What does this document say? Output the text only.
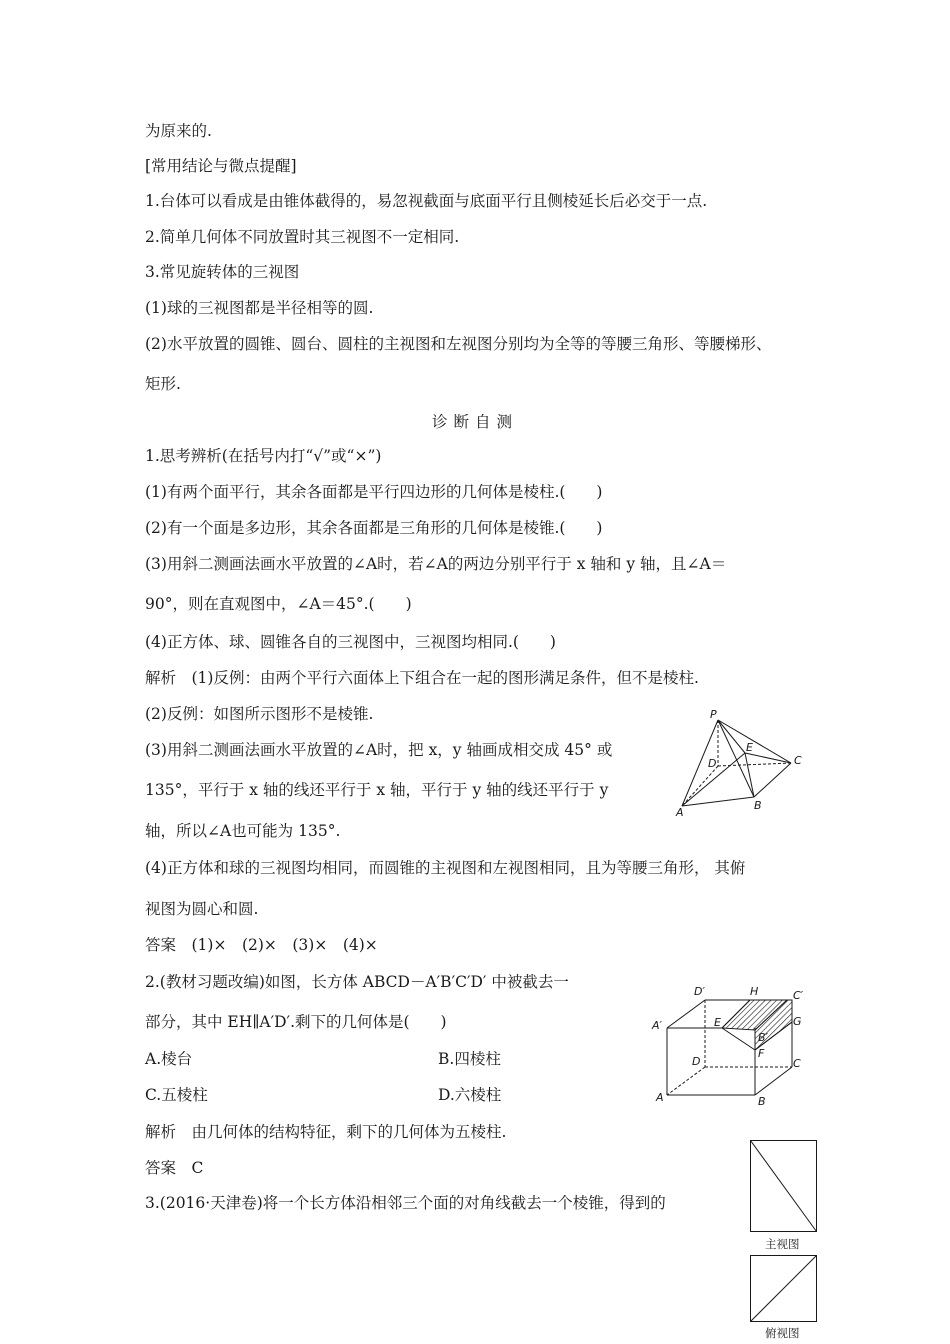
为原来的.
[常用结论与微点提醒]
1.台体可以看成是由锥体截得的，易忽视截面与底面平行且侧棱延长后必交于一点.
2.简单几何体不同放置时其三视图不一定相同.
3.常见旋转体的三视图
(1)球的三视图都是半径相等的圆.
(2)水平放置的圆锥、圆台、圆柱的主视图和左视图分别均为全等的等腰三角形、等腰梯形、
矩形.
诊断自测
1.思考辨析(在括号内打“√”或“×”)
(1)有两个面平行，其余各面都是平行四边形的几何体是棱柱.(　　)
(2)有一个面是多边形，其余各面都是三角形的几何体是棱锥.(　　)
(3)用斜二测画法画水平放置的∠A时，若∠A的两边分别平行于 x 轴和 y 轴，且∠A＝
90°，则在直观图中，∠A＝45°.(　　)
(4)正方体、球、圆锥各自的三视图中，三视图均相同.(　　)
解析　(1)反例：由两个平行六面体上下组合在一起的图形满足条件，但不是棱柱.
(2)反例：如图所示图形不是棱锥.
(3)用斜二测画法画水平放置的∠A时，把 x，y 轴画成相交成 45° 或
135°，平行于 x 轴的线还平行于 x 轴，平行于 y 轴的线还平行于 y
轴，所以∠A也可能为 135°.
(4)正方体和球的三视图均相同，而圆锥的主视图和左视图相同，且为等腰三角形， 其俯
视图为圆心和圆.
答案　(1)×　(2)×　(3)×　(4)×
2.(教材习题改编)如图，长方体 ABCD－A′B′C′D′ 中被截去一
部分，其中 EH∥A′D′.剩下的几何体是(　　)
A.棱台	B.四棱柱
C.五棱柱	D.六棱柱
解析　由几何体的结构特征，剩下的几何体为五棱柱.
答案　C
3.(2016·天津卷)将一个长方体沿相邻三个面的对角线截去一个棱锥，得到的
P
E
D	C
A
B
D′	H	C′
A′	E
B′
G
D
F
C
A	B
主视图
俯视图
